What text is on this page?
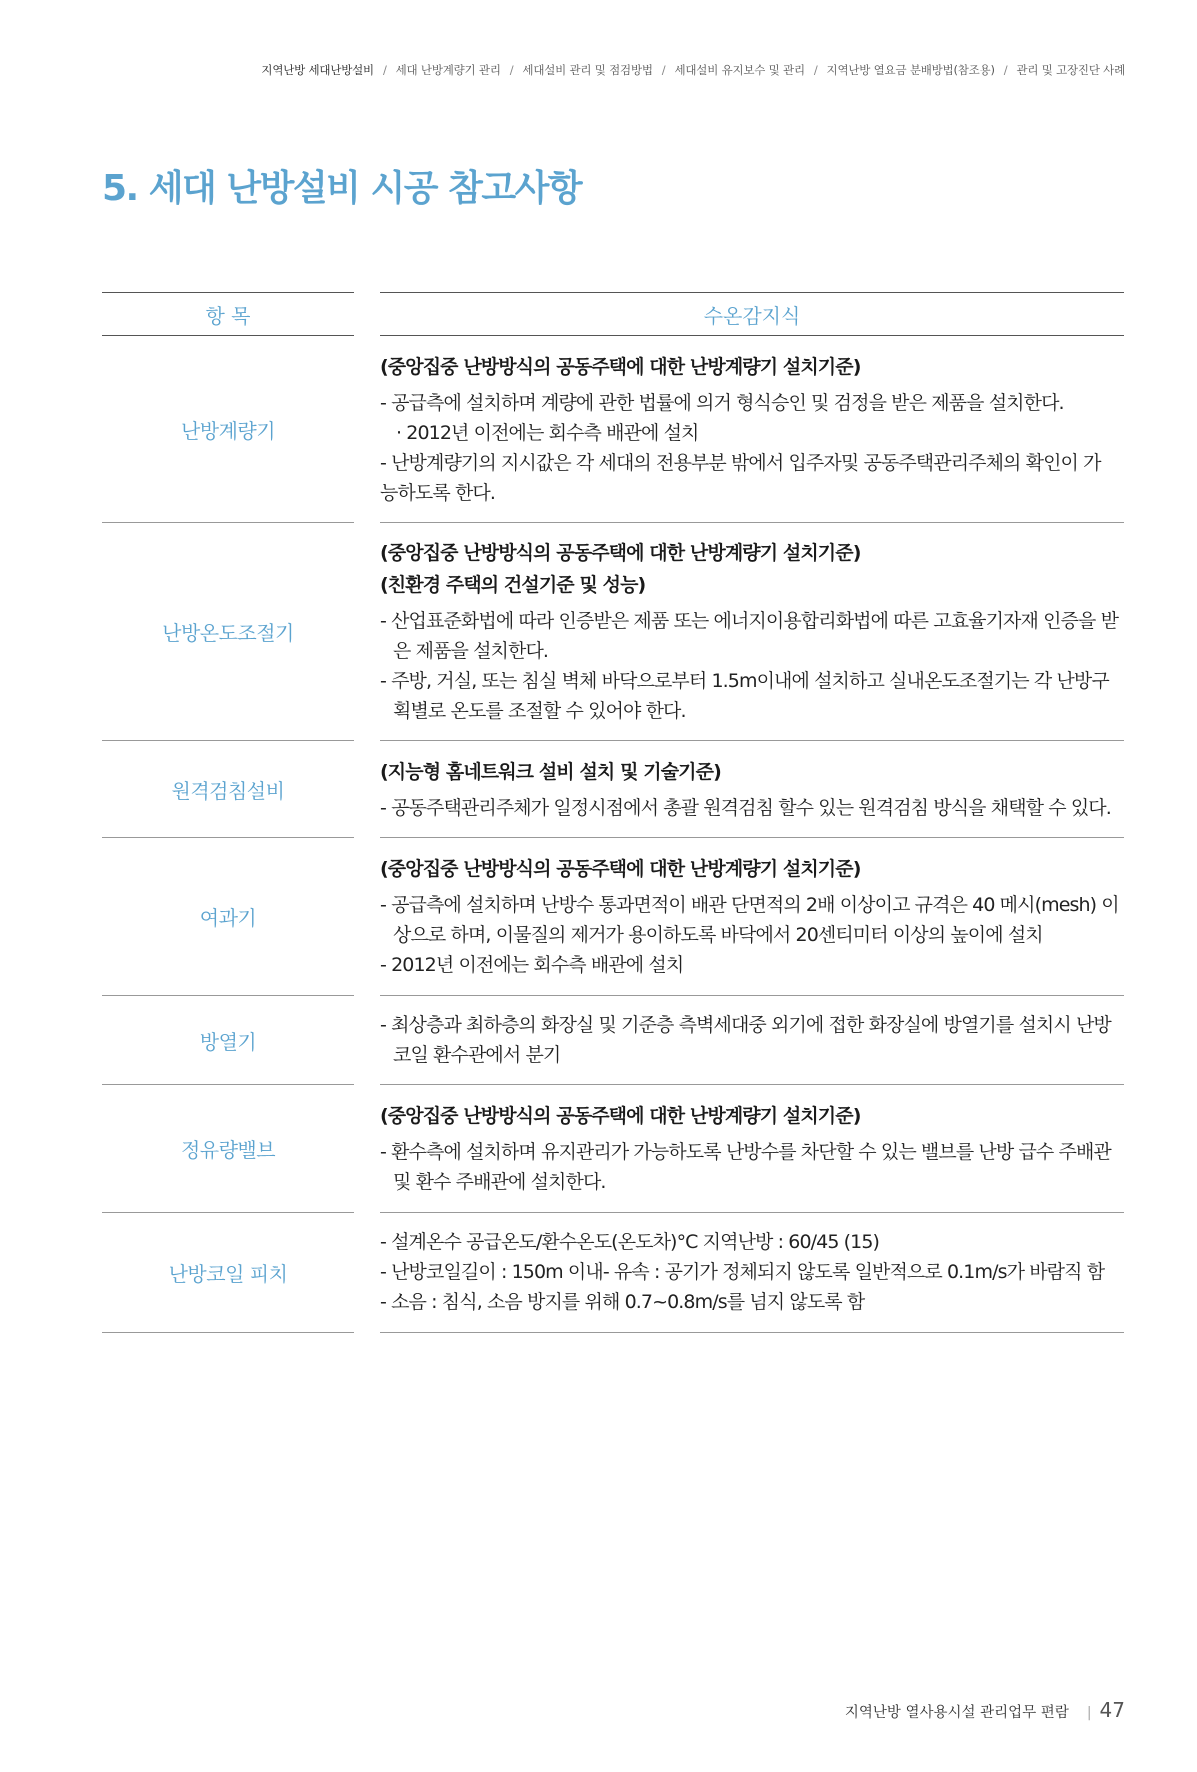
지역난방 세대난방설비 / 세대 난방계량기 관리 / 세대설비 관리 및 점검방법 / 세대설비 유지보수 및 관리 / 지역난방 열요금 분배방법(참조용) / 관리 및 고장진단 사례
5. 세대 난방설비 시공 참고사항
항 목		수온감지식
난방계량기		(중앙집중 난방방식의 공동주택에 대한 난방계량기 설치기준)
- 공급측에 설치하며 계량에 관한 법률에 의거 형식승인 및 검정을 받은 제품을 설치한다.
· 2012년 이전에는 회수측 배관에 설치
- 난방계량기의 지시값은 각 세대의 전용부분 밖에서 입주자및 공동주택관리주체의 확인이 가
능하도록 한다.

난방온도조절기		(중앙집중 난방방식의 공동주택에 대한 난방계량기 설치기준)
(친환경 주택의 건설기준 및 성능)
- 산업표준화법에 따라 인증받은 제품 또는 에너지이용합리화법에 따른 고효율기자재 인증을 받은 제품을 설치한다.
- 주방, 거실, 또는 침실 벽체 바닥으로부터 1.5m이내에 설치하고 실내온도조절기는 각 난방구획별로 온도를 조절할 수 있어야 한다.

원격검침설비		(지능형 홈네트워크 설비 설치 및 기술기준)
- 공동주택관리주체가 일정시점에서 총괄 원격검침 할수 있는 원격검침 방식을 채택할 수 있다.

여과기		(중앙집중 난방방식의 공동주택에 대한 난방계량기 설치기준)
- 공급측에 설치하며 난방수 통과면적이 배관 단면적의 2배 이상이고 규격은 40 메시(mesh) 이상으로 하며, 이물질의 제거가 용이하도록 바닥에서 20센티미터 이상의 높이에 설치
- 2012년 이전에는 회수측 배관에 설치

방열기		- 최상층과 최하층의 화장실 및 기준층 측벽세대중 외기에 접한 화장실에 방열기를 설치시 난방코일 환수관에서 분기

정유량밸브		(중앙집중 난방방식의 공동주택에 대한 난방계량기 설치기준)
- 환수측에 설치하며 유지관리가 가능하도록 난방수를 차단할 수 있는 밸브를 난방 급수 주배관 및 환수 주배관에 설치한다.

난방코일 피치		- 설계온수 공급온도/환수온도(온도차)°C 지역난방 : 60/45 (15)
- 난방코일길이 : 150m 이내- 유속 : 공기가 정체되지 않도록 일반적으로 0.1m/s가 바람직 함
- 소음 : 침식, 소음 방지를 위해 0.7~0.8m/s를 넘지 않도록 함
지역난방 열사용시설 관리업무 편람 | 47
